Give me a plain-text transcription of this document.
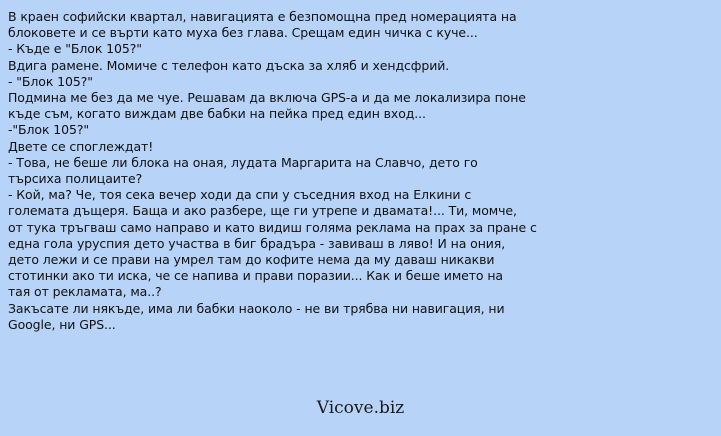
В краен софийски квартал, навигацията е безпомощна пред номерацията на
блоковете и се върти като муха без глава. Срещам един чичка с куче...
- Къде е "Блок 105?"
Вдига рамене. Момиче с телефон като дъска за хляб и хендсфрий.
- "Блок 105?"
Подмина ме без да ме чуе. Решавам да включа GPS-а и да ме локализира поне
къде съм, когато виждам две бабки на пейка пред един вход...
-"Блок 105?"
Двете се споглеждат!
- Това, не беше ли блока на оная, лудата Маргарита на Славчо, дето го
търсиха полицаите?
- Кой, ма? Че, тоя сека вечер ходи да спи у съседния вход на Елкини с
големата дъщеря. Баща и ако разбере, ще ги утрепе и двамата!... Ти, момче,
от тука тръгваш само направо и като видиш голяма реклама на прах за пране с
една гола уруспия дето участва в биг брадъра - завиваш в ляво! И на ония,
дето лежи и се прави на умрел там до кофите нема да му даваш никакви
стотинки ако ти иска, че се напива и прави поразии... Как и беше името на
тая от рекламата, ма..?
Закъсате ли някъде, има ли бабки наоколо - не ви трябва ни навигация, ни
Google, ни GPS...
Vicove.biz
